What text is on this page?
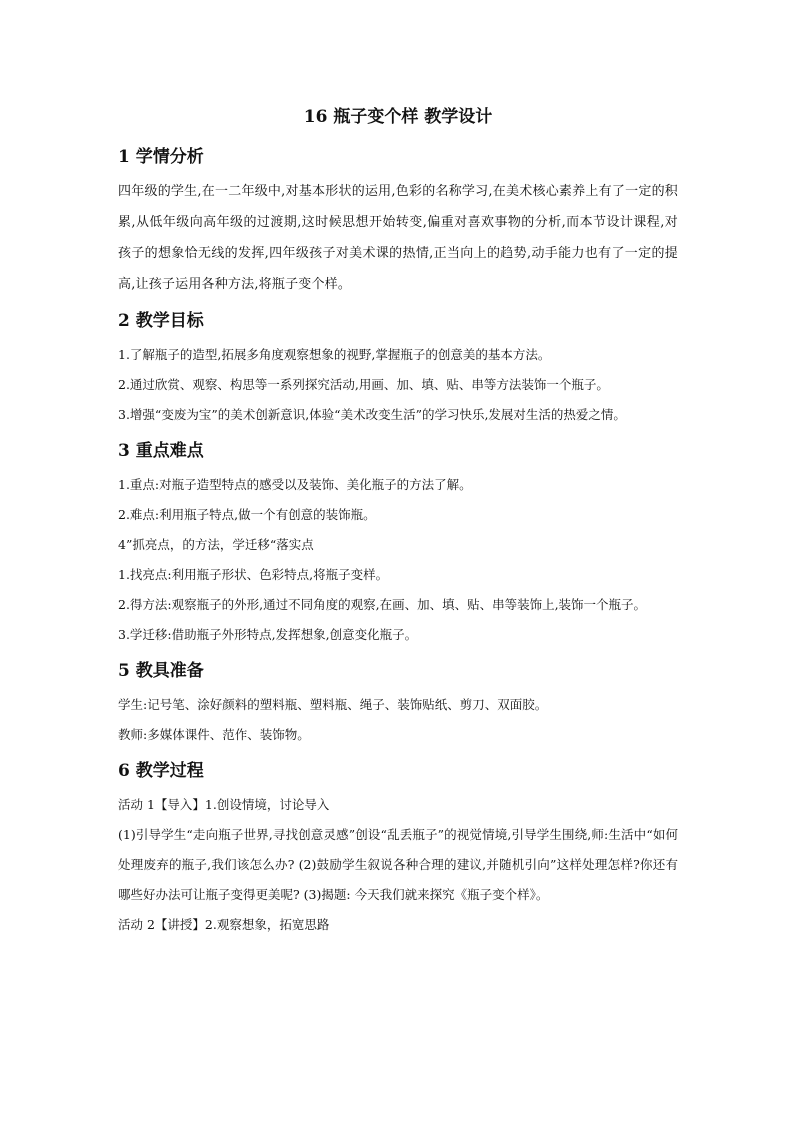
16 瓶子变个样 教学设计
1 学情分析

四年级的学生,在一二年级中,对基本形状的运用,色彩的名称学习,在美术核心素养上有了一定的积累,从低年级向高年级的过渡期,这时候思想开始转变,偏重对喜欢事物的分析,而本节设计课程,对孩子的想象恰无线的发挥,四年级孩子对美术课的热情,正当向上的趋势,动手能力也有了一定的提高,让孩子运用各种方法,将瓶子变个样。

2 教学目标

1.了解瓶子的造型,拓展多角度观察想象的视野,掌握瓶子的创意美的基本方法。

2.通过欣赏、观察、构思等一系列探究活动,用画、加、填、贴、串等方法装饰一个瓶子。

3.增强“变废为宝”的美术创新意识,体验“美术改变生活”的学习快乐,发展对生活的热爱之情。

3 重点难点

1.重点:对瓶子造型特点的感受以及装饰、美化瓶子的方法了解。

2.难点:利用瓶子特点,做一个有创意的装饰瓶。

4”抓亮点，的方法，学迁移“落实点

1.找亮点:利用瓶子形状、色彩特点,将瓶子变样。

2.得方法:观察瓶子的外形,通过不同角度的观察,在画、加、填、贴、串等装饰上,装饰一个瓶子。

3.学迁移:借助瓶子外形特点,发挥想象,创意变化瓶子。

5 教具准备

学生:记号笔、涂好颜料的塑料瓶、塑料瓶、绳子、装饰贴纸、剪刀、双面胶。

教师:多媒体课件、范作、装饰物。

6 教学过程

活动 1【导入】1.创设情境，讨论导入

(1)引导学生“走向瓶子世界,寻找创意灵感”创设“乱丢瓶子”的视觉情境,引导学生围绕,师:生活中“如何处理废弃的瓶子,我们该怎么办? (2)鼓励学生叙说各种合理的建议,并随机引向”这样处理怎样?你还有哪些好办法可让瓶子变得更美呢? (3)揭题: 今天我们就来探究《瓶子变个样》。

活动 2【讲授】2.观察想象，拓宽思路
